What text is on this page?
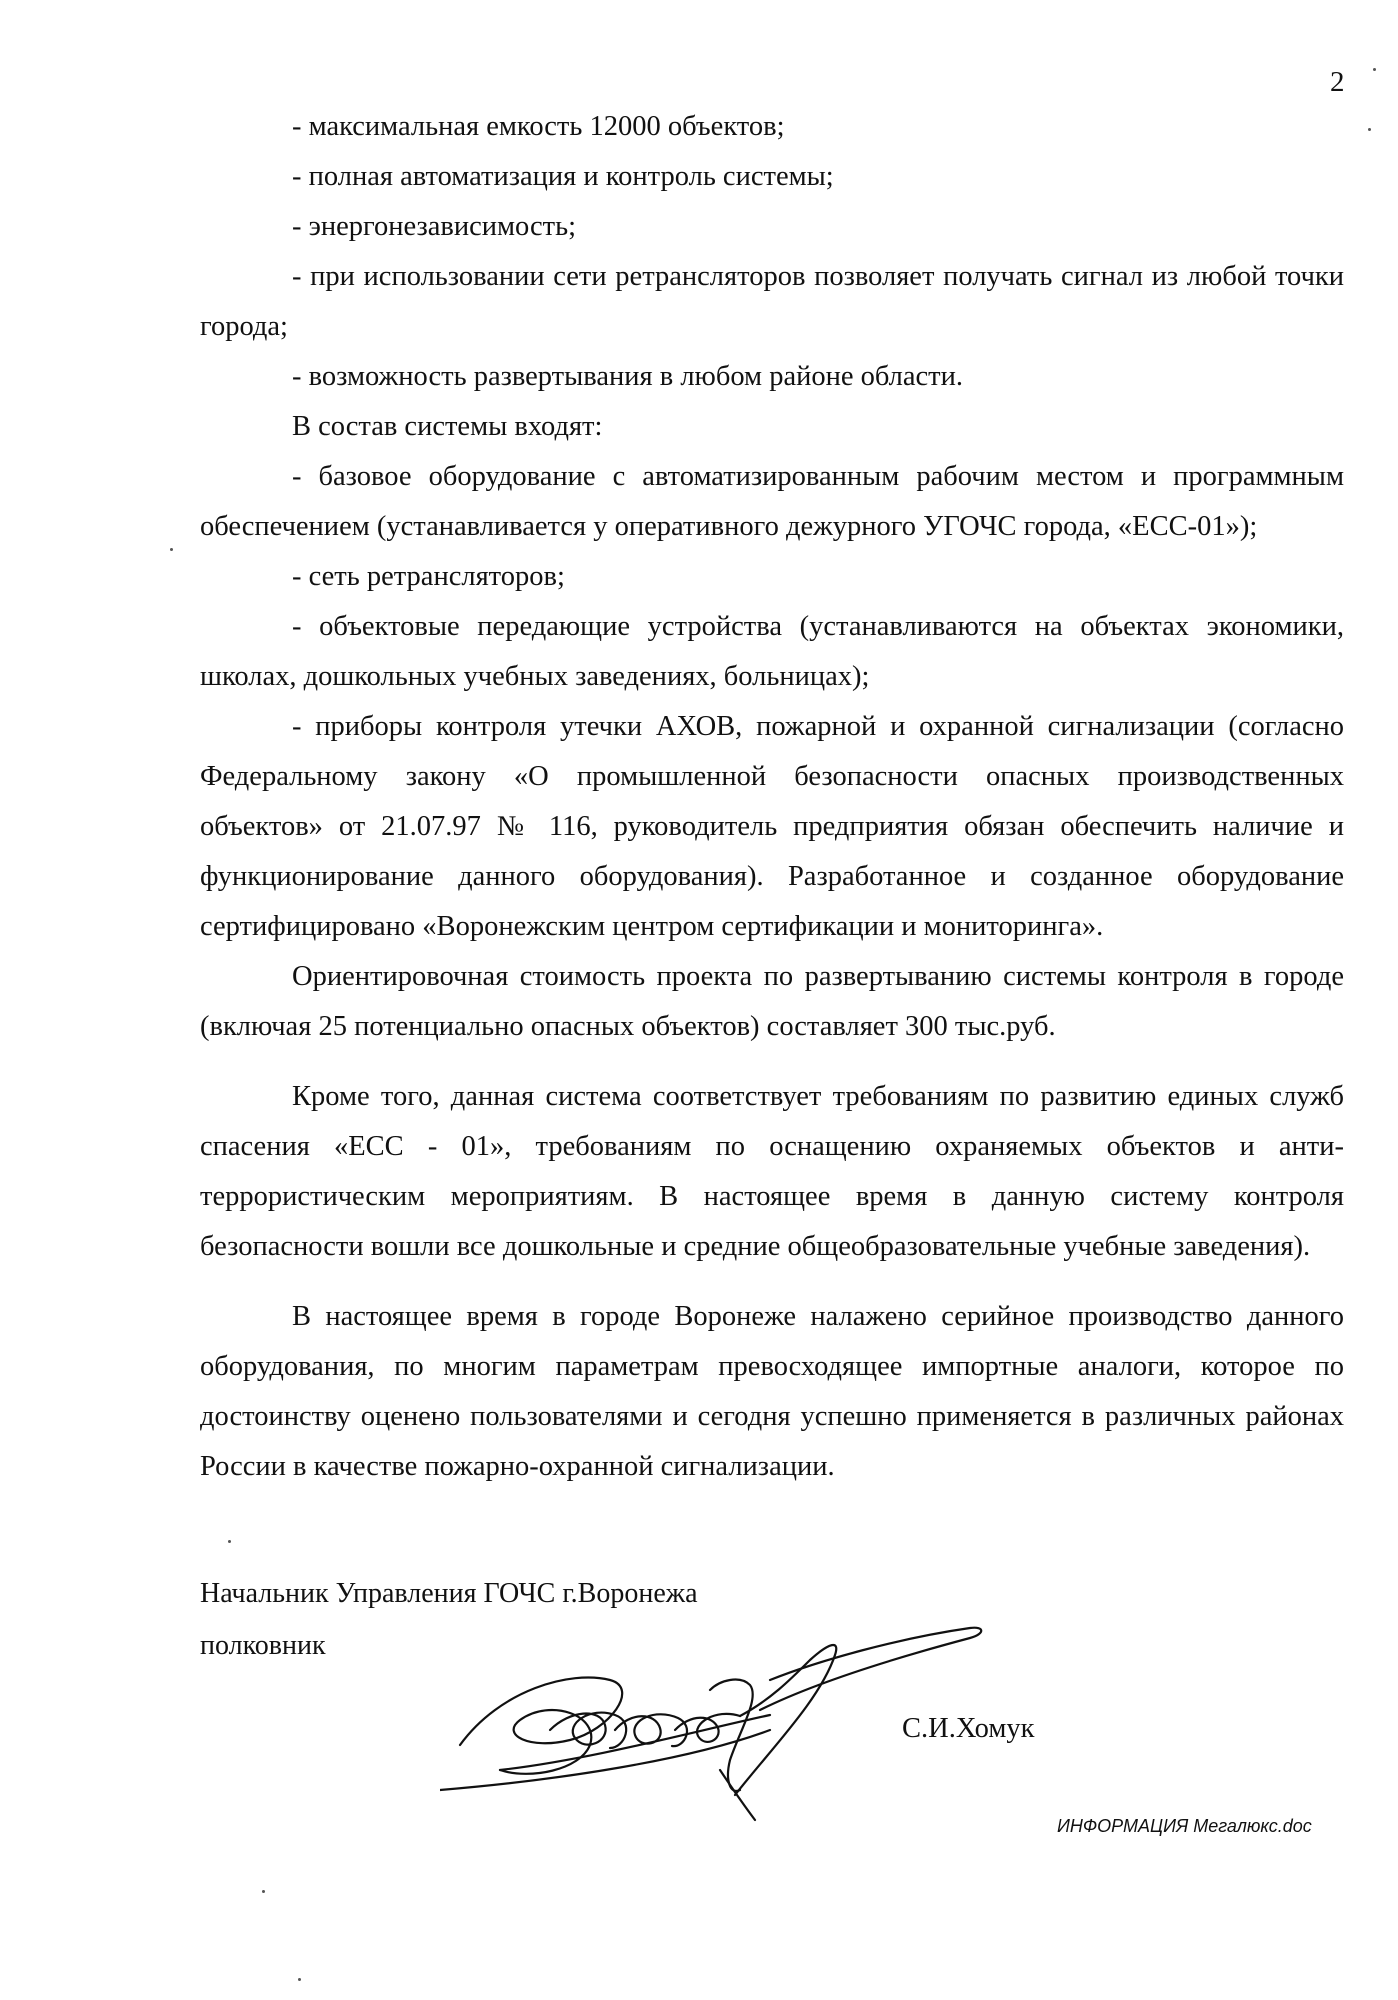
2

- максимальная емкость 12000 объектов;

- полная автоматизация и контроль системы;

- энергонезависимость;

- при использовании сети ретрансляторов позволяет получать сигнал из любой точки города;

- возможность развертывания в любом районе области.

В состав системы входят:

- базовое оборудование с автоматизированным рабочим местом и программным обеспечением (устанавливается у оперативного дежурного УГОЧС города, «ЕСС-01»);

- сеть ретрансляторов;

- объектовые передающие устройства (устанавливаются на объектах экономики, школах, дошкольных учебных заведениях, больницах);

- приборы контроля утечки АХОВ, пожарной и охранной сигнализации (согласно Федеральному закону «О промышленной безопасности опасных производственных объектов» от 21.07.97 № 116, руководитель предприятия обязан обеспечить наличие и функционирование данного оборудования). Разработанное и созданное оборудование сертифицировано «Воронежским центром сертификации и мониторинга».

Ориентировочная стоимость проекта по развертыванию системы контроля в городе (включая 25 потенциально опасных объектов) составляет 300 тыс.руб.

Кроме того, данная система соответствует требованиям по развитию единых служб спасения «ЕСС - 01», требованиям по оснащению охраняемых объектов и анти-террористическим мероприятиям. В настоящее время в данную систему контроля безопасности вошли все дошкольные и средние общеобразовательные учебные заведения).

В настоящее время в городе Воронеже налажено серийное производство данного оборудования, по многим параметрам превосходящее импортные аналоги, которое по достоинству оценено пользователями и сегодня успешно применяется в различных районах России в качестве пожарно-охранной сигнализации.

Начальник Управления ГОЧС г.Воронежа
полковник
С.И.Хомук
ИНФОРМАЦИЯ Мегалюкс.doc
